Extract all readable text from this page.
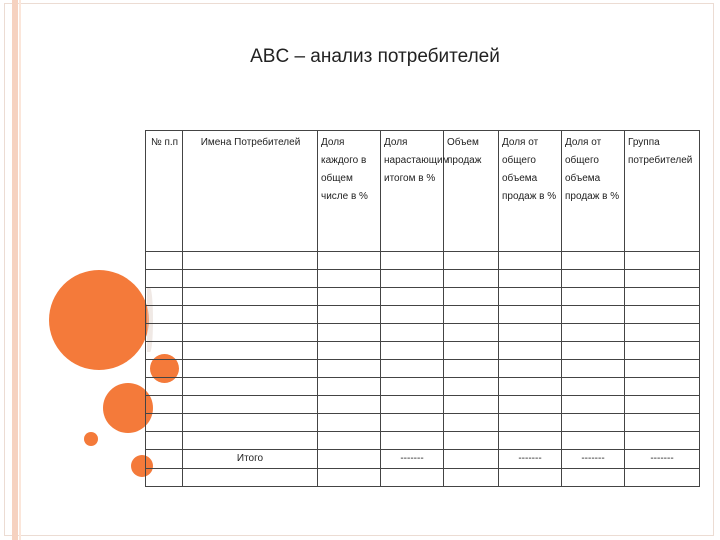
ABC – анализ потребителей
№ п.п	Имена Потребителей	Доля каждого в общем числе в %	Доля нарастающим итогом в %	Объем продаж	Доля от общего объема продаж в %	Доля от общего объема продаж в %	Группа потребителей

	Итого		-------		-------	-------	-------
